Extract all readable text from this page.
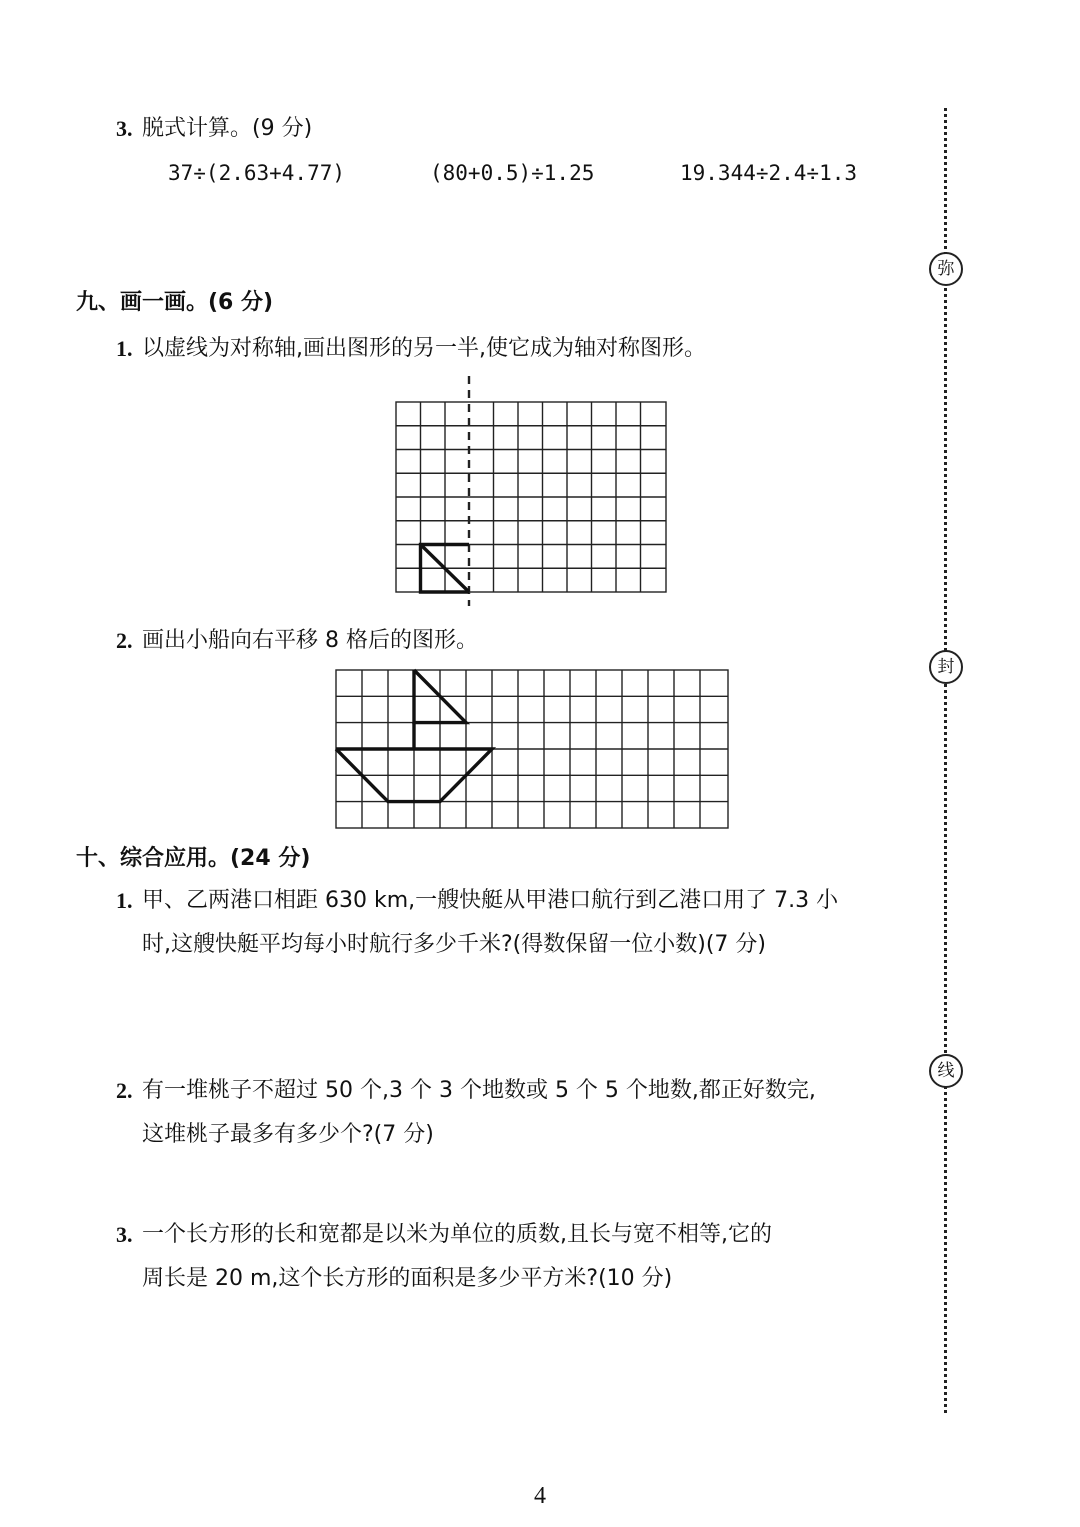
3. 脱式计算。(9 分)
37÷(2.63+4.77)	(80+0.5)÷1.25	19.344÷2.4÷1.3
九、画一画。(6 分)
1. 以虚线为对称轴,画出图形的另一半,使它成为轴对称图形。
2. 画出小船向右平移 8 格后的图形。
十、综合应用。(24 分)
1. 甲、乙两港口相距 630 km,一艘快艇从甲港口航行到乙港口用了 7.3 小
时,这艘快艇平均每小时航行多少千米?(得数保留一位小数)(7 分)
2. 有一堆桃子不超过 50 个,3 个 3 个地数或 5 个 5 个地数,都正好数完,
这堆桃子最多有多少个?(7 分)
3. 一个长方形的长和宽都是以米为单位的质数,且长与宽不相等,它的
周长是 20 m,这个长方形的面积是多少平方米?(10 分)
弥
封
线
4
